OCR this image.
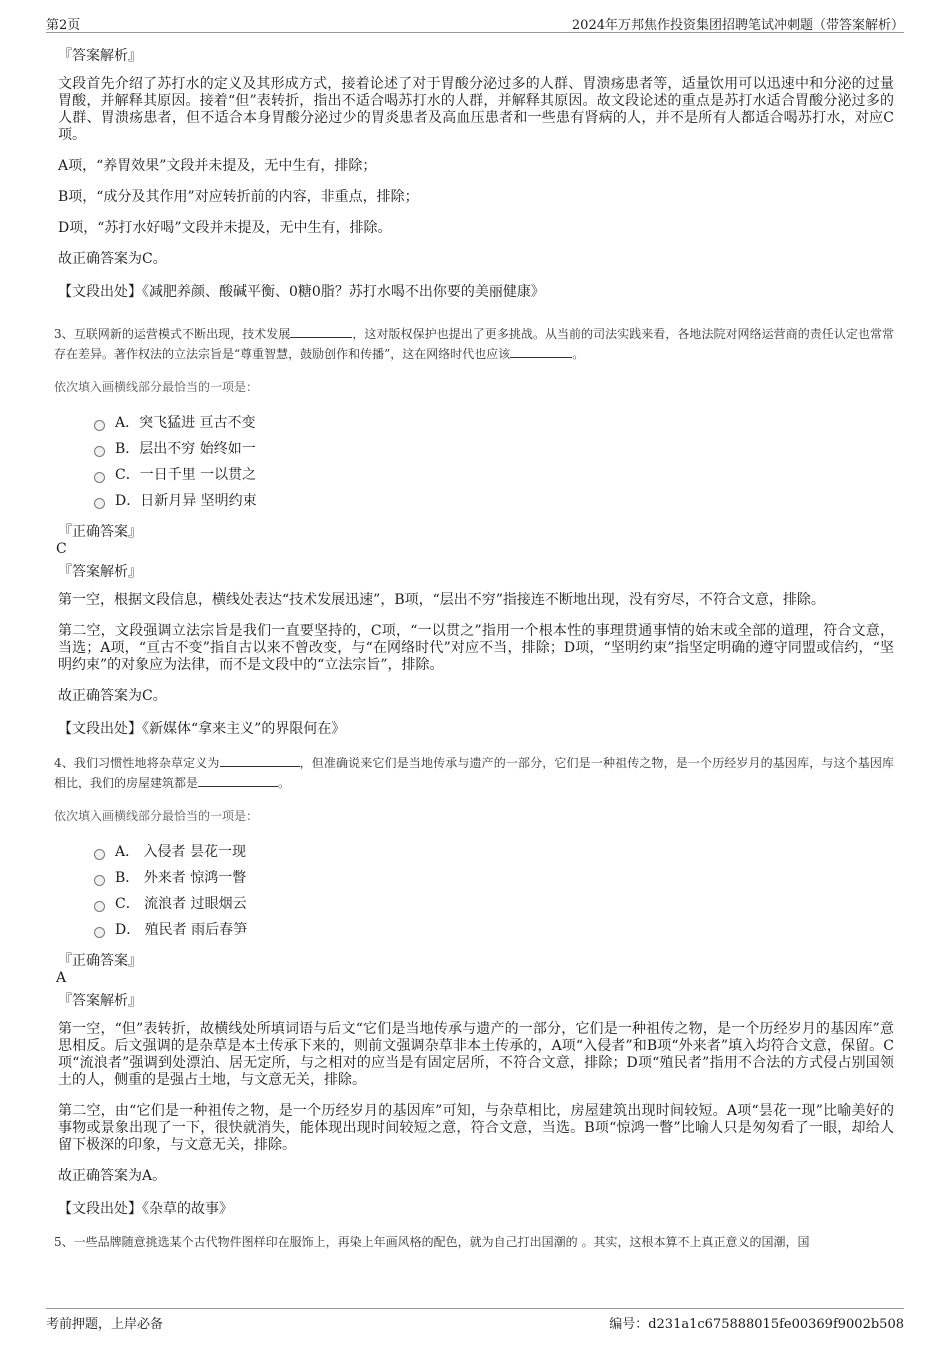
第2页	2024年万邦焦作投资集团招聘笔试冲刺题（带答案解析）
『答案解析』
文段首先介绍了苏打水的定义及其形成方式，接着论述了对于胃酸分泌过多的人群、胃溃疡患者等，适量饮用可以迅速中和分泌的过量胃酸，并解释其原因。接着“但”表转折，指出不适合喝苏打水的人群，并解释其原因。故文段论述的重点是苏打水适合胃酸分泌过多的人群、胃溃疡患者，但不适合本身胃酸分泌过少的胃炎患者及高血压患者和一些患有肾病的人，并不是所有人都适合喝苏打水，对应C项。
A项，“养胃效果”文段并未提及，无中生有，排除；
B项，“成分及其作用”对应转折前的内容，非重点，排除；
D项，“苏打水好喝”文段并未提及，无中生有，排除。
故正确答案为C。
【文段出处】《减肥养颜、酸碱平衡、0糖0脂？苏打水喝不出你要的美丽健康》
3、互联网新的运营模式不断出现，技术发展	，这对版权保护也提出了更多挑战。从当前的司法实践来看，各地法院对网络运营商的责任认定也常常存在差异。著作权法的立法宗旨是“尊重智慧，鼓励创作和传播”，这在网络时代也应该	。
依次填入画横线部分最恰当的一项是：
A．突飞猛进 亘古不变
B．层出不穷 始终如一
C．一日千里 一以贯之
D．日新月异 坚明约束
『正确答案』
C
『答案解析』
第一空，根据文段信息，横线处表达“技术发展迅速”，B项，“层出不穷”指接连不断地出现，没有穷尽，不符合文意，排除。
第二空，文段强调立法宗旨是我们一直要坚持的，C项，“一以贯之”指用一个根本性的事理贯通事情的始末或全部的道理，符合文意，当选；A项，“亘古不变”指自古以来不曾改变，与“在网络时代”对应不当，排除；D项，“坚明约束”指坚定明确的遵守同盟或信约，“坚明约束”的对象应为法律，而不是文段中的“立法宗旨”，排除。
故正确答案为C。
【文段出处】《新媒体“拿来主义”的界限何在》
4、我们习惯性地将杂草定义为	，但准确说来它们是当地传承与遗产的一部分，它们是一种祖传之物，是一个历经岁月的基因库，与这个基因库相比，我们的房屋建筑都是	。
依次填入画横线部分最恰当的一项是：
A． 入侵者 昙花一现
B． 外来者 惊鸿一瞥
C． 流浪者 过眼烟云
D． 殖民者 雨后春笋
『正确答案』
A
『答案解析』
第一空，“但”表转折，故横线处所填词语与后文“它们是当地传承与遗产的一部分，它们是一种祖传之物，是一个历经岁月的基因库”意思相反。后文强调的是杂草是本土传承下来的，则前文强调杂草非本土传承的，A项“入侵者”和B项“外来者”填入均符合文意，保留。C项“流浪者”强调到处漂泊、居无定所，与之相对的应当是有固定居所，不符合文意，排除；D项“殖民者”指用不合法的方式侵占别国领土的人，侧重的是强占土地，与文意无关，排除。
第二空，由“它们是一种祖传之物，是一个历经岁月的基因库”可知，与杂草相比，房屋建筑出现时间较短。A项“昙花一现”比喻美好的事物或景象出现了一下，很快就消失，能体现出现时间较短之意，符合文意，当选。B项“惊鸿一瞥”比喻人只是匆匆看了一眼，却给人留下极深的印象，与文意无关，排除。
故正确答案为A。
【文段出处】《杂草的故事》
5、一些品牌随意挑选某个古代物件图样印在服饰上，再染上年画风格的配色，就为自己打出国潮的 。其实，这根本算不上真正意义的国潮，国
考前押题，上岸必备	编号：d231a1c675888015fe00369f9002b508
